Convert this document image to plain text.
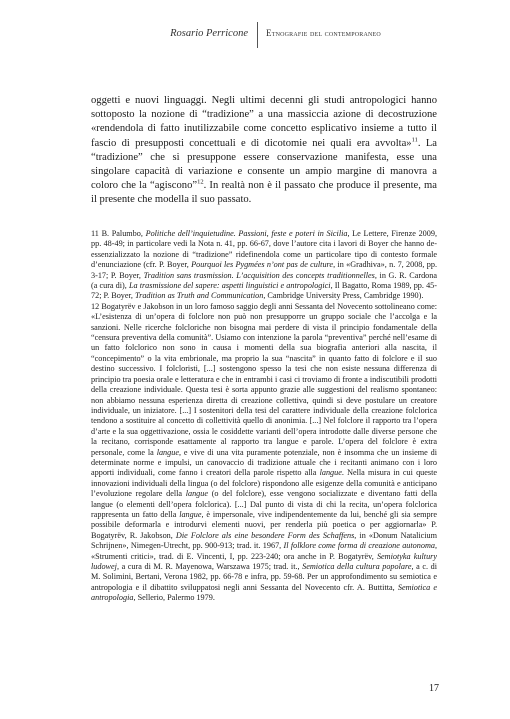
Rosario Perricone Etnografie del contemporaneo

oggetti e nuovi linguaggi. Negli ultimi decenni gli studi antropologici hanno sottoposto la nozione di “tradizione” a una massiccia azione di decostruzione «rendendola di fatto inutilizzabile come concetto esplicativo insieme a tutto il fascio di presupposti concettuali e di dicotomie nei quali era avvolta»$^{11}$. La “tradizione” che si presuppone essere conservazione manifesta, esse una singolare capacità di variazione e consente un ampio margine di manovra a coloro che la “agiscono”$^{12}$. In realtà non è il passato che produce il presente, ma il presente che modella il suo passato.

11 B. Palumbo, Politiche dell’inquietudine. Passioni, feste e poteri in Sicilia, Le Lettere, Firenze 2009, pp. 48-49; in particolare vedi la Nota n. 41, pp. 66-67, dove l’autore cita i lavori di Boyer che hanno de-essenzializzato la nozione di “tradizione” ridefinendola come un particolare tipo di contesto formale d’enunciazione (cfr. P. Boyer, Pourquoi les Pygmées n’ont pas de culture, in «Gradhiva», n. 7, 2008, pp. 3-17; P. Boyer, Tradition sans trasmission. L’acquisition des concepts traditionnelles, in G. R. Cardona (a cura di), La trasmissione del sapere: aspetti linguistici e antropologici, Il Bagatto, Roma 1989, pp. 45-72; P. Boyer, Tradition as Truth and Communication, Cambridge University Press, Cambridge 1990).

12 Bogatyrëv e Jakobson in un loro famoso saggio degli anni Sessanta del Novecento sottolineano come: «L’esistenza di un’opera di folclore non può non presupporre un gruppo sociale che l’accolga e la sanzioni. Nelle ricerche folcloriche non bisogna mai perdere di vista il principio fondamentale della “censura preventiva della comunità”. Usiamo con intenzione la parola “preventiva” perché nell’esame di un fatto folclorico non sono in causa i momenti della sua biografia anteriori alla nascita, il “concepimento” o la vita embrionale, ma proprio la sua “nascita” in quanto fatto di folclore e il suo destino successivo. I folcloristi, [...] sostengono spesso la tesi che non esiste nessuna differenza di principio tra poesia orale e letteratura e che in entrambi i casi ci troviamo di fronte a indiscutibili prodotti della creazione individuale. Questa tesi è sorta appunto grazie alle suggestioni del realismo spontaneo: non abbiamo nessuna esperienza diretta di creazione collettiva, quindi si deve postulare un creatore individuale, un iniziatore. [...] I sostenitori della tesi del carattere individuale della creazione folclorica tendono a sostituire al concetto di collettività quello di anonimia. [...] Nel folclore il rapporto tra l’opera d’arte e la sua oggettivazione, ossia le cosiddette varianti dell’opera introdotte dalle diverse persone che la recitano, corrisponde esattamente al rapporto tra langue e parole. L’opera del folclore è extra personale, come la langue, e vive di una vita puramente potenziale, non è insomma che un insieme di determinate norme e impulsi, un canovaccio di tradizione attuale che i recitanti animano con i loro apporti individuali, come fanno i creatori della parole rispetto alla langue. Nella misura in cui queste innovazioni individuali della lingua (o del folclore) rispondono alle esigenze della comunità e anticipano l’evoluzione regolare della langue (o del folclore), esse vengono socializzate e diventano fatti della langue (o elementi dell’opera folclorica). [...] Dal punto di vista di chi la recita, un’opera folclorica rappresenta un fatto della langue, è impersonale, vive indipendentemente da lui, benché gli sia sempre possibile deformarla e introdurvi elementi nuovi, per renderla più poetica o per aggiornarla» P. Bogatyrëv, R. Jakobson, Die Folclore als eine besondere Form des Schaffens, in «Donum Natalicium Schrijnen», Nimegen-Utrecht, pp. 900-913; trad. it. 1967, Il folklore come forma di creazione autonoma, «Strumenti critici», trad. di E. Vincenti, I, pp. 223-240; ora anche in P. Bogatyrëv, Semiotyka kultury ludowej, a cura di M. R. Mayenowa, Warszawa 1975; trad. it., Semiotica della cultura popolare, a c. di M. Solimini, Bertani, Verona 1982, pp. 66-78 e infra, pp. 59-68. Per un approfondimento su semiotica e antropologia e il dibattito sviluppatosi negli anni Sessanta del Novecento cfr. A. Buttitta, Semiotica e antropologia, Sellerio, Palermo 1979.

17
